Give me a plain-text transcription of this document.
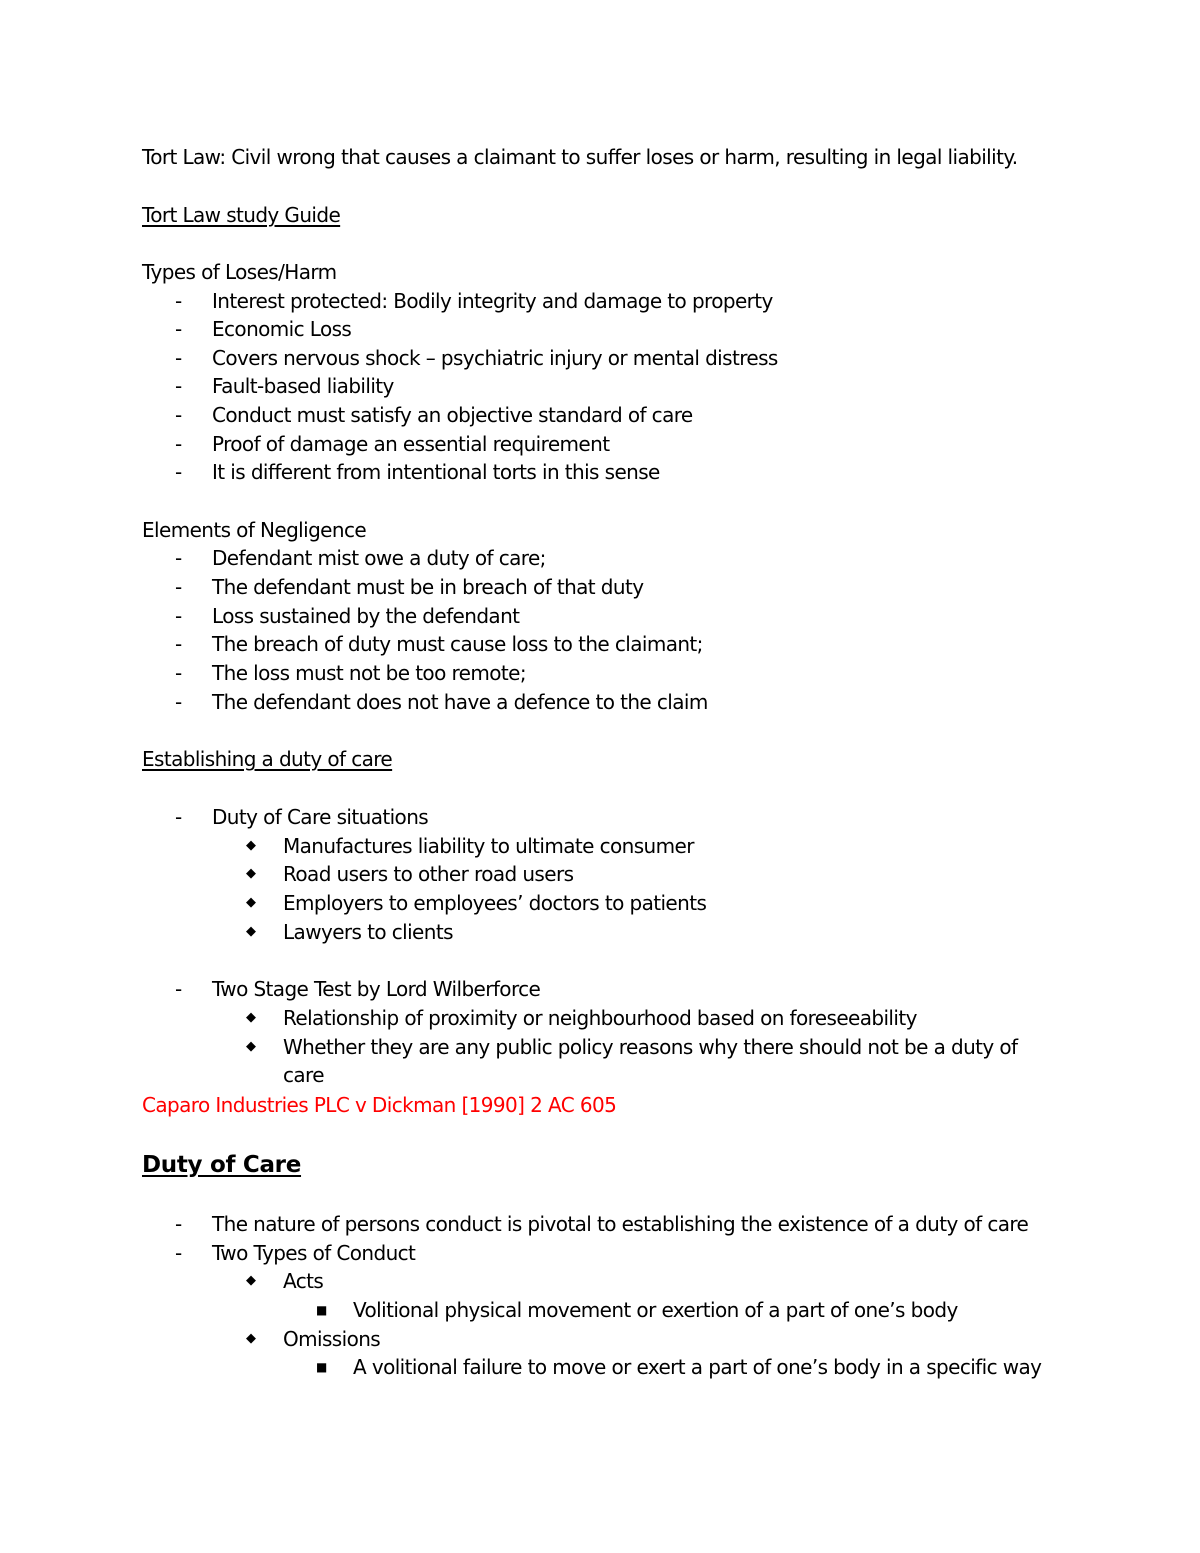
Tort Law: Civil wrong that causes a claimant to suffer loses or harm, resulting in legal liability.
Tort Law study Guide
Types of Loses/Harm
- Interest protected: Bodily integrity and damage to property
- Economic Loss
- Covers nervous shock – psychiatric injury or mental distress
- Fault-based liability
- Conduct must satisfy an objective standard of care
- Proof of damage an essential requirement
- It is different from intentional torts in this sense
Elements of Negligence
- Defendant mist owe a duty of care;
- The defendant must be in breach of that duty
- Loss sustained by the defendant
- The breach of duty must cause loss to the claimant;
- The loss must not be too remote;
- The defendant does not have a defence to the claim
Establishing a duty of care
- Duty of Care situations
◆ Manufactures liability to ultimate consumer
◆ Road users to other road users
◆ Employers to employees’ doctors to patients
◆ Lawyers to clients
- Two Stage Test by Lord Wilberforce
◆ Relationship of proximity or neighbourhood based on foreseeability
◆ Whether they are any public policy reasons why there should not be a duty of
care
Caparo Industries PLC v Dickman [1990] 2 AC 605
Duty of Care
- The nature of persons conduct is pivotal to establishing the existence of a duty of care
- Two Types of Conduct
◆ Acts
■ Volitional physical movement or exertion of a part of one’s body
◆ Omissions
■ A volitional failure to move or exert a part of one’s body in a specific way
